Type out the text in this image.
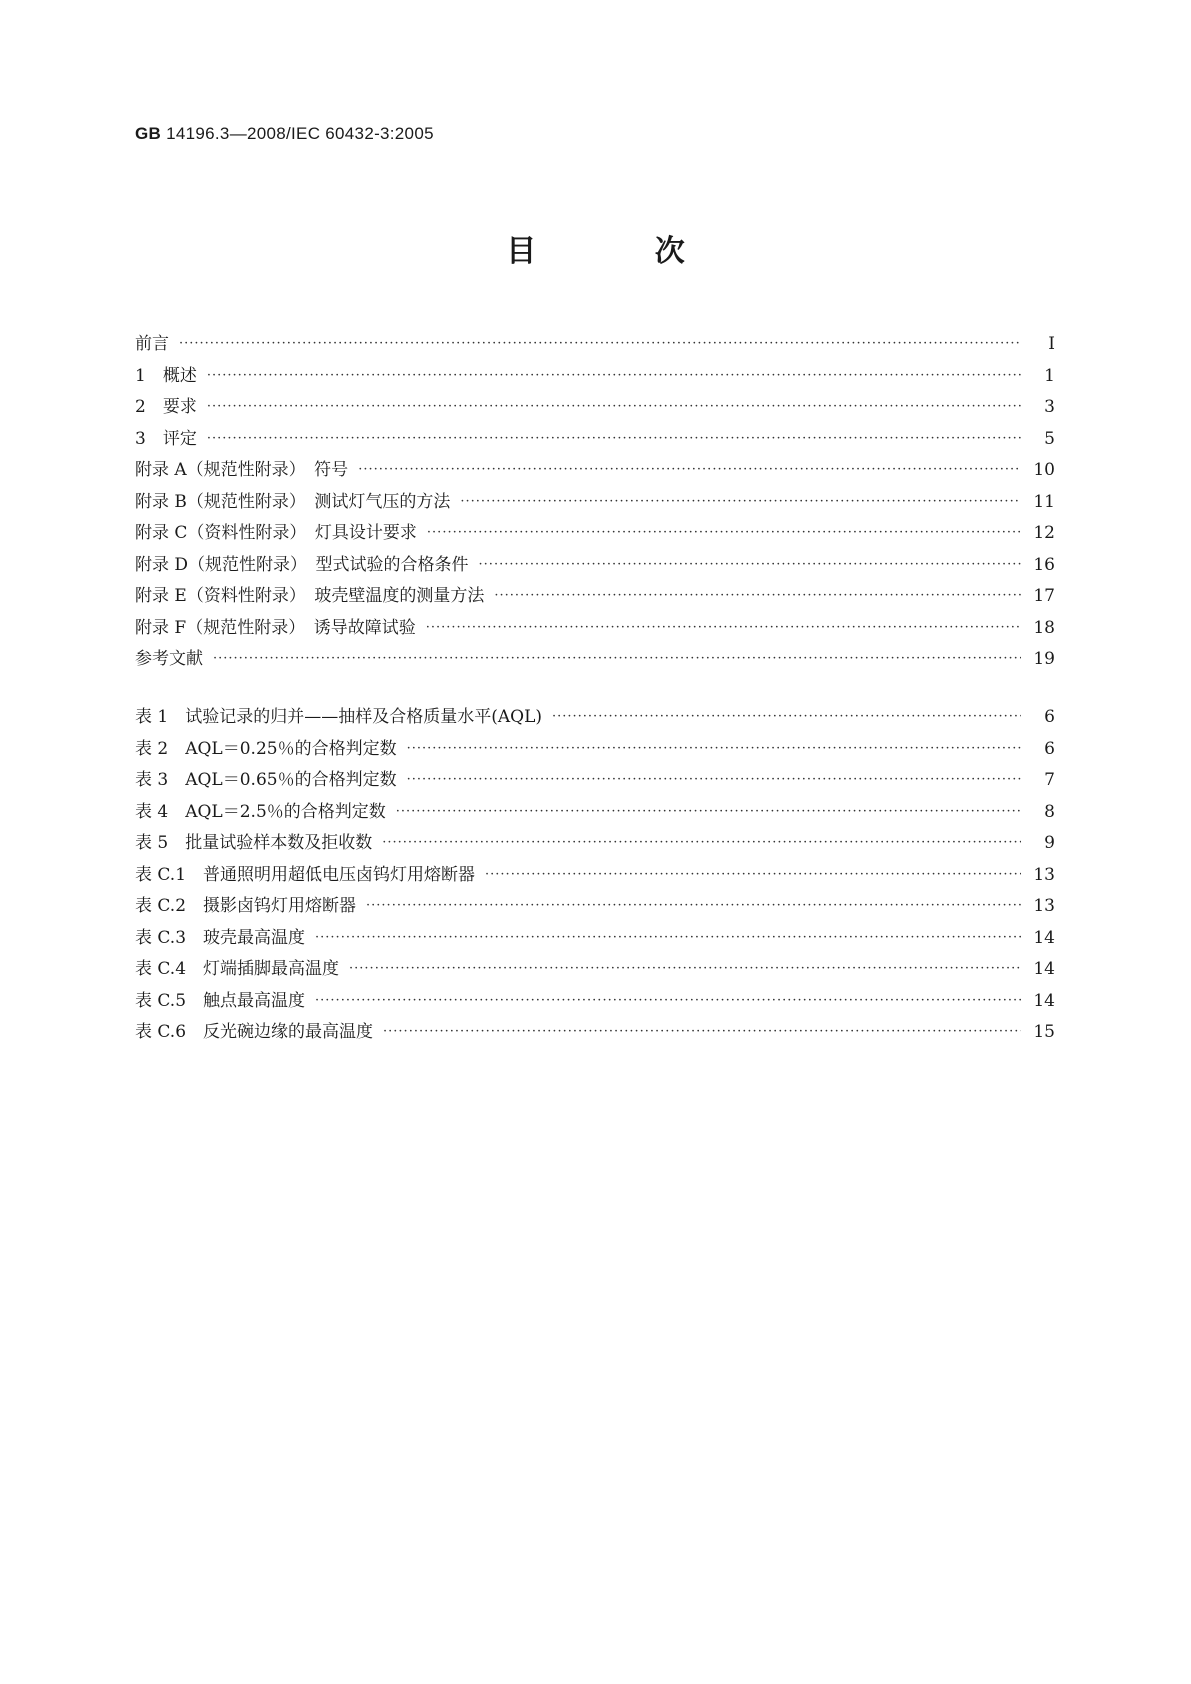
GB 14196.3—2008/IEC 60432-3:2005
目 次
前言 ·····	Ⅰ
1　概述 ·····	1
2　要求 ·····	3
3　评定 ·····	5
附录 A（规范性附录）　符号 ·····	10
附录 B（规范性附录）　测试灯气压的方法 ·····	11
附录 C（资料性附录）　灯具设计要求 ·····	12
附录 D（规范性附录）　型式试验的合格条件 ·····	16
附录 E（资料性附录）　玻壳壁温度的测量方法 ·····	17
附录 F（规范性附录）　诱导故障试验 ·····	18
参考文献 ·····	19
表 1　试验记录的归并——抽样及合格质量水平(AQL) ·····	6
表 2　AQL＝0.25％的合格判定数 ·····	6
表 3　AQL＝0.65％的合格判定数 ·····	7
表 4　AQL＝2.5％的合格判定数 ·····	8
表 5　批量试验样本数及拒收数 ·····	9
表 C.1　普通照明用超低电压卤钨灯用熔断器 ·····	13
表 C.2　摄影卤钨灯用熔断器 ·····	13
表 C.3　玻壳最高温度 ·····	14
表 C.4　灯端插脚最高温度 ·····	14
表 C.5　触点最高温度 ·····	14
表 C.6　反光碗边缘的最高温度 ·····	15
